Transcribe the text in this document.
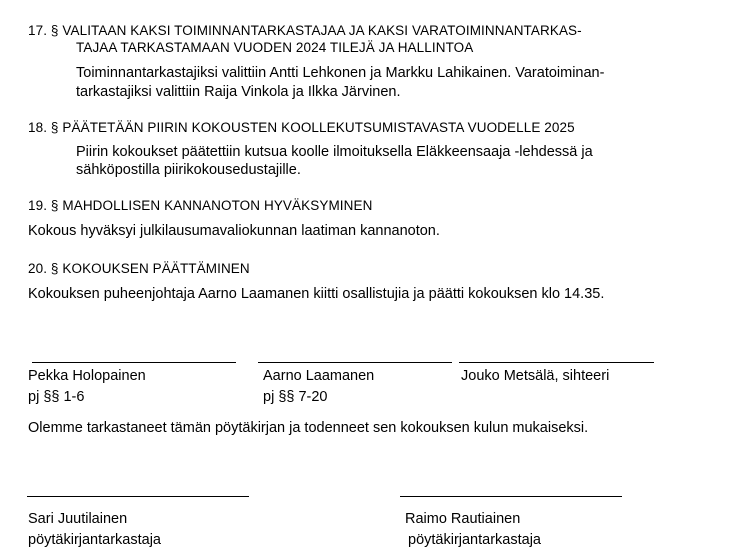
17. § VALITAAN KAKSI TOIMINNANTARKASTAJAA JA KAKSI VARATOIMINNANTARKAS-
TAJAA TARKASTAMAAN VUODEN 2024 TILEJÄ JA HALLINTOA
Toiminnantarkastajiksi valittiin Antti Lehkonen ja Markku Lahikainen. Varatoiminan-
tarkastajiksi valittiin Raija Vinkola ja Ilkka Järvinen.
18. § PÄÄTETÄÄN PIIRIN KOKOUSTEN KOOLLEKUTSUMISTAVASTA VUODELLE 2025
Piirin kokoukset päätettiin kutsua koolle ilmoituksella Eläkkeensaaja -lehdessä ja
sähköpostilla piirikokousedustajille.
19. § MAHDOLLISEN KANNANOTON HYVÄKSYMINEN
Kokous hyväksyi julkilausumavaliokunnan laatiman kannanoton.
20. § KOKOUKSEN PÄÄTTÄMINEN
Kokouksen puheenjohtaja Aarno Laamanen kiitti osallistujia ja päätti kokouksen klo 14.35.
Pekka Holopainen
pj §§ 1-6
Aarno Laamanen
pj §§ 7-20
Jouko Metsälä, sihteeri
Olemme tarkastaneet tämän pöytäkirjan ja todenneet sen kokouksen kulun mukaiseksi.
Sari Juutilainen
pöytäkirjantarkastaja
Raimo Rautiainen
pöytäkirjantarkastaja
